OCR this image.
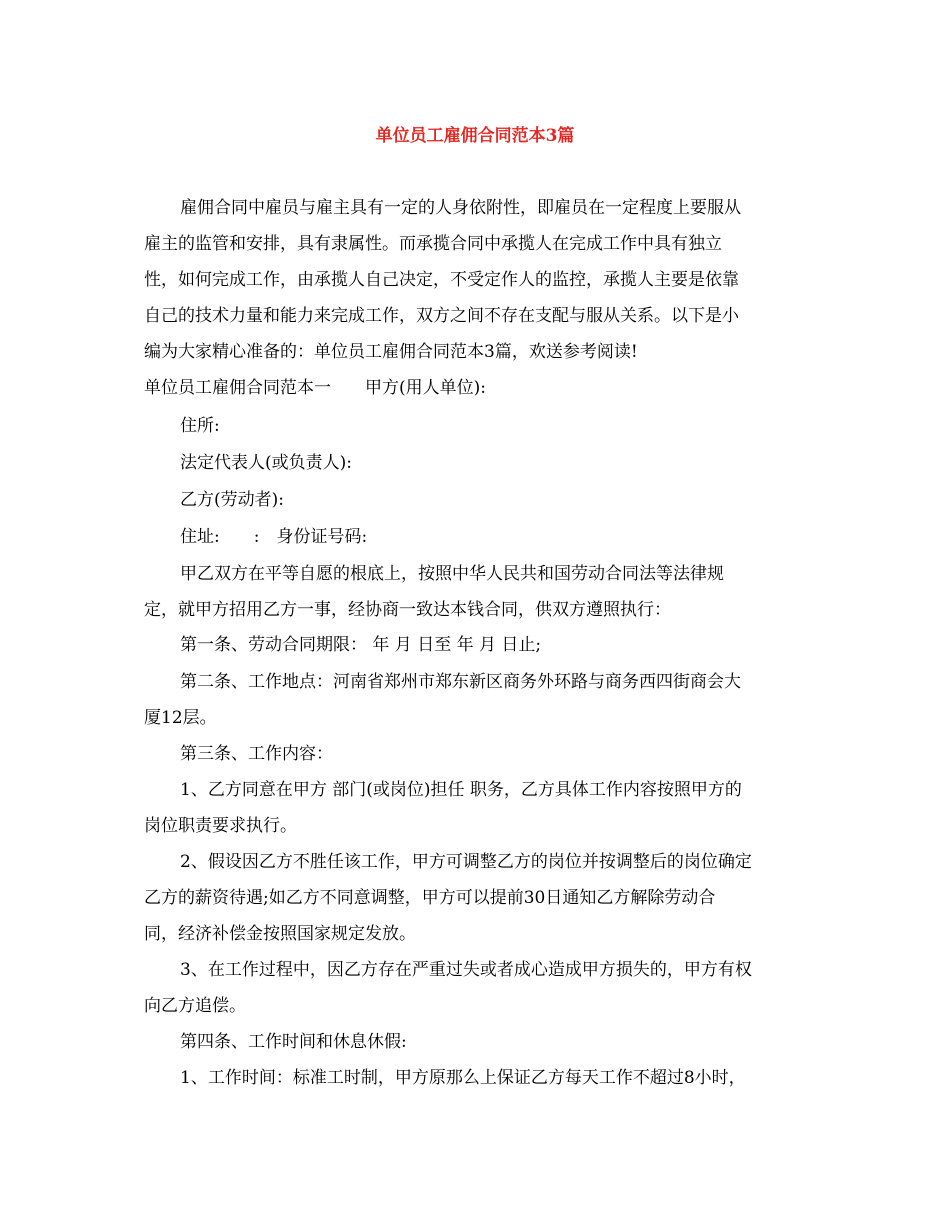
单位员工雇佣合同范本3篇
雇佣合同中雇员与雇主具有一定的人身依附性，即雇员在一定程度上要服从
雇主的监管和安排，具有隶属性。而承揽合同中承揽人在完成工作中具有独立
性，如何完成工作，由承揽人自己决定，不受定作人的监控，承揽人主要是依靠
自己的技术力量和能力来完成工作，双方之间不存在支配与服从关系。以下是小
编为大家精心准备的：单位员工雇佣合同范本3篇，欢送参考阅读!
单位员工雇佣合同范本一　　甲方(用人单位):
住所:
法定代表人(或负责人):
乙方(劳动者):
住址:　　:　身份证号码:
甲乙双方在平等自愿的根底上，按照中华人民共和国劳动合同法等法律规
定，就甲方招用乙方一事，经协商一致达本钱合同，供双方遵照执行：
第一条、劳动合同期限： 年 月 日至 年 月 日止;
第二条、工作地点：河南省郑州市郑东新区商务外环路与商务西四街商会大
厦12层。
第三条、工作内容：
1、乙方同意在甲方 部门(或岗位)担任 职务，乙方具体工作内容按照甲方的
岗位职责要求执行。
2、假设因乙方不胜任该工作，甲方可调整乙方的岗位并按调整后的岗位确定
乙方的薪资待遇;如乙方不同意调整，甲方可以提前30日通知乙方解除劳动合
同，经济补偿金按照国家规定发放。
3、在工作过程中，因乙方存在严重过失或者成心造成甲方损失的，甲方有权
向乙方追偿。
第四条、工作时间和休息休假:
1、工作时间：标准工时制，甲方原那么上保证乙方每天工作不超过8小时，
